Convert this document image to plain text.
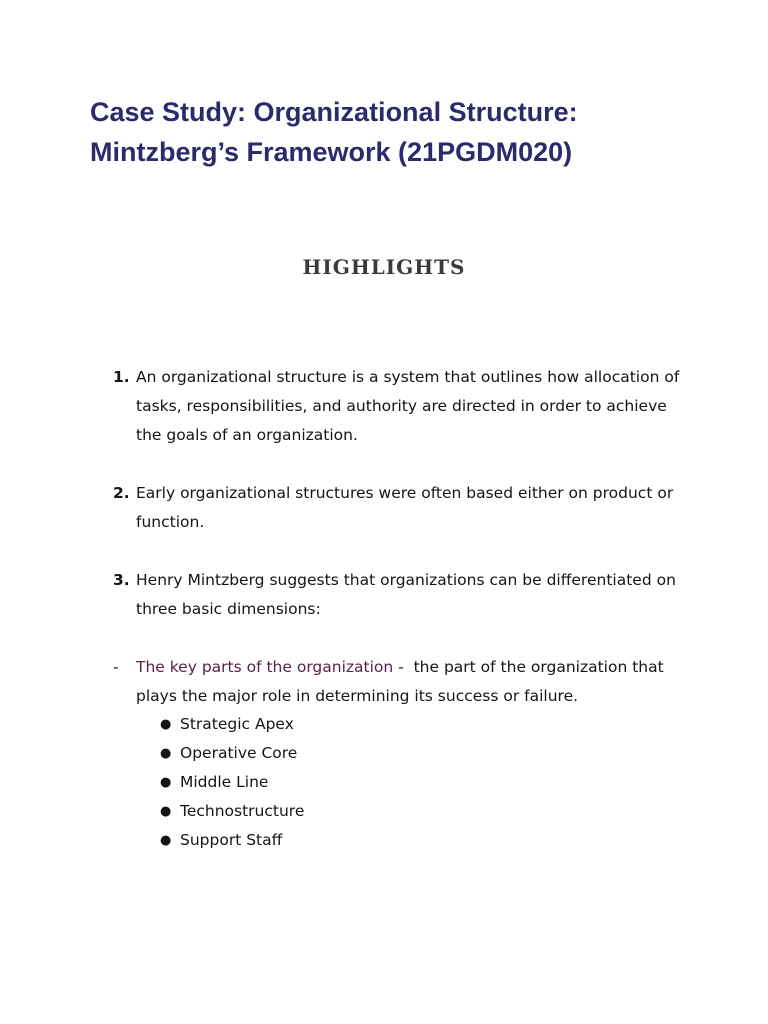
Case Study: Organizational Structure:
Mintzberg’s Framework (21PGDM020)
HIGHLIGHTS
1. An organizational structure is a system that outlines how allocation of tasks, responsibilities, and authority are directed in order to achieve the goals of an organization.
2. Early organizational structures were often based either on product or function.
3. Henry Mintzberg suggests that organizations can be differentiated on three basic dimensions:
- The key parts of the organization -  the part of the organization that plays the major role in determining its success or failure.
● Strategic Apex
● Operative Core
● Middle Line
● Technostructure
● Support Staff
